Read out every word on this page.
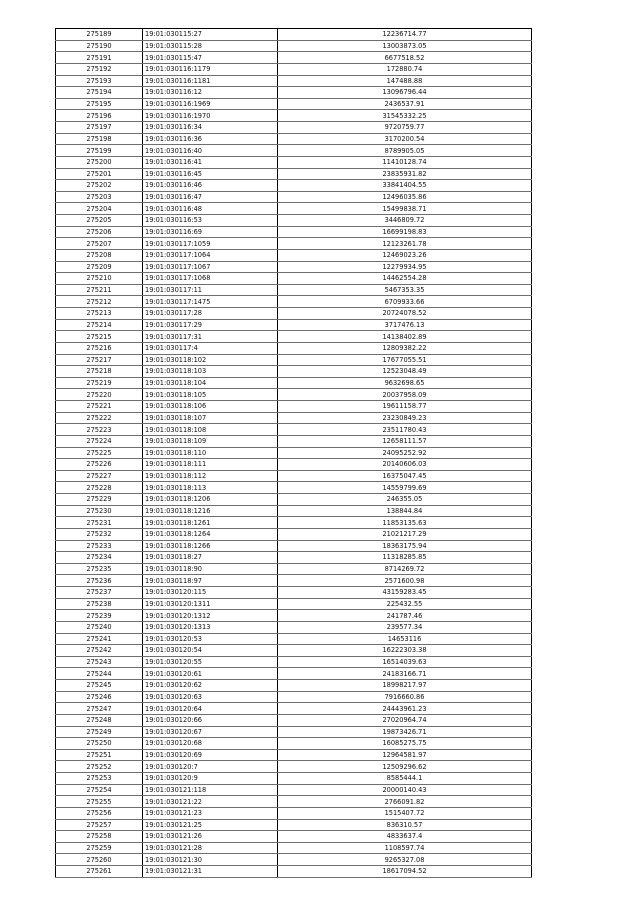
275189	19:01:030115:27	12236714.77
275190	19:01:030115:28	13003873.05
275191	19:01:030115:47	6677518.52
275192	19:01:030116:1179	172880.74
275193	19:01:030116:1181	147488.88
275194	19:01:030116:12	13096796.44
275195	19:01:030116:1969	2436537.91
275196	19:01:030116:1970	31545332.25
275197	19:01:030116:34	9720759.77
275198	19:01:030116:36	3170200.54
275199	19:01:030116:40	8789905.05
275200	19:01:030116:41	11410128.74
275201	19:01:030116:45	23835931.82
275202	19:01:030116:46	33841404.55
275203	19:01:030116:47	12496035.86
275204	19:01:030116:48	15499838.71
275205	19:01:030116:53	3446809.72
275206	19:01:030116:69	16699198.83
275207	19:01:030117:1059	12123261.78
275208	19:01:030117:1064	12469023.26
275209	19:01:030117:1067	12279934.95
275210	19:01:030117:1068	14462554.28
275211	19:01:030117:11	5467353.35
275212	19:01:030117:1475	6709933.66
275213	19:01:030117:28	20724078.52
275214	19:01:030117:29	3717476.13
275215	19:01:030117:31	14138402.89
275216	19:01:030117:4	12809382.22
275217	19:01:030118:102	17677055.51
275218	19:01:030118:103	12523048.49
275219	19:01:030118:104	9632698.65
275220	19:01:030118:105	20037958.09
275221	19:01:030118:106	19611158.77
275222	19:01:030118:107	23230849.23
275223	19:01:030118:108	23511780.43
275224	19:01:030118:109	12658111.57
275225	19:01:030118:110	24095252.92
275226	19:01:030118:111	20140606.03
275227	19:01:030118:112	16375047.45
275228	19:01:030118:113	14559799.69
275229	19:01:030118:1206	246355.05
275230	19:01:030118:1216	138844.84
275231	19:01:030118:1261	11853135.63
275232	19:01:030118:1264	21021217.29
275233	19:01:030118:1266	18363175.94
275234	19:01:030118:27	11318285.85
275235	19:01:030118:90	8714269.72
275236	19:01:030118:97	2571600.98
275237	19:01:030120:115	43159283.45
275238	19:01:030120:1311	225432.55
275239	19:01:030120:1312	241787.46
275240	19:01:030120:1313	239577.34
275241	19:01:030120:53	14653116
275242	19:01:030120:54	16222303.38
275243	19:01:030120:55	16514039.63
275244	19:01:030120:61	24183166.71
275245	19:01:030120:62	18998217.97
275246	19:01:030120:63	7916660.86
275247	19:01:030120:64	24443961.23
275248	19:01:030120:66	27020964.74
275249	19:01:030120:67	19873426.71
275250	19:01:030120:68	16085275.75
275251	19:01:030120:69	12964581.97
275252	19:01:030120:7	12509296.62
275253	19:01:030120:9	8585444.1
275254	19:01:030121:118	20000140.43
275255	19:01:030121:22	2766091.82
275256	19:01:030121:23	1515407.72
275257	19:01:030121:25	836310.57
275258	19:01:030121:26	4833637.4
275259	19:01:030121:28	1108597.74
275260	19:01:030121:30	9265327.08
275261	19:01:030121:31	18617094.52
